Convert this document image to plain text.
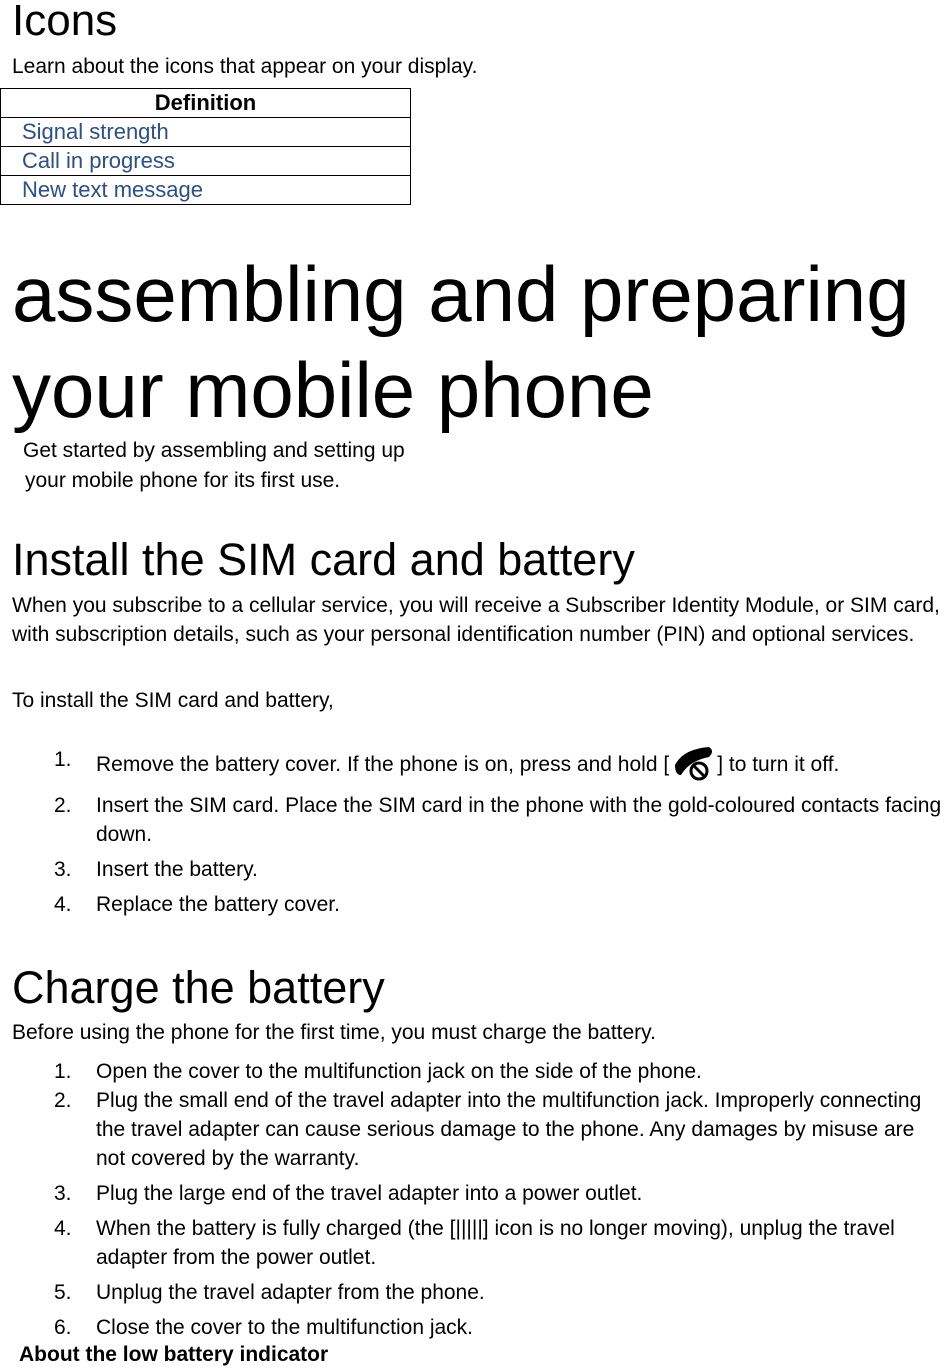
Icons
Learn about the icons that appear on your display.
Definition
Signal strength
Call in progress
New text message
assembling and preparing your mobile phone
Get started by assembling and setting up
your mobile phone for its first use.
Install the SIM card and battery
When you subscribe to a cellular service, you will receive a Subscriber Identity Module, or SIM card, with subscription details, such as your personal identification number (PIN) and optional services.
To install the SIM card and battery,
1. Remove the battery cover. If the phone is on, press and hold [ ] to turn it off.
2. Insert the SIM card. Place the SIM card in the phone with the gold-coloured contacts facing down.
3. Insert the battery.
4. Replace the battery cover.
Charge the battery
Before using the phone for the first time, you must charge the battery.
1. Open the cover to the multifunction jack on the side of the phone.
2. Plug the small end of the travel adapter into the multifunction jack. Improperly connecting the travel adapter can cause serious damage to the phone. Any damages by misuse are not covered by the warranty.
3. Plug the large end of the travel adapter into a power outlet.
4. When the battery is fully charged (the [|||||] icon is no longer moving), unplug the travel adapter from the power outlet.
5. Unplug the travel adapter from the phone.
6. Close the cover to the multifunction jack.
About the low battery indicator
